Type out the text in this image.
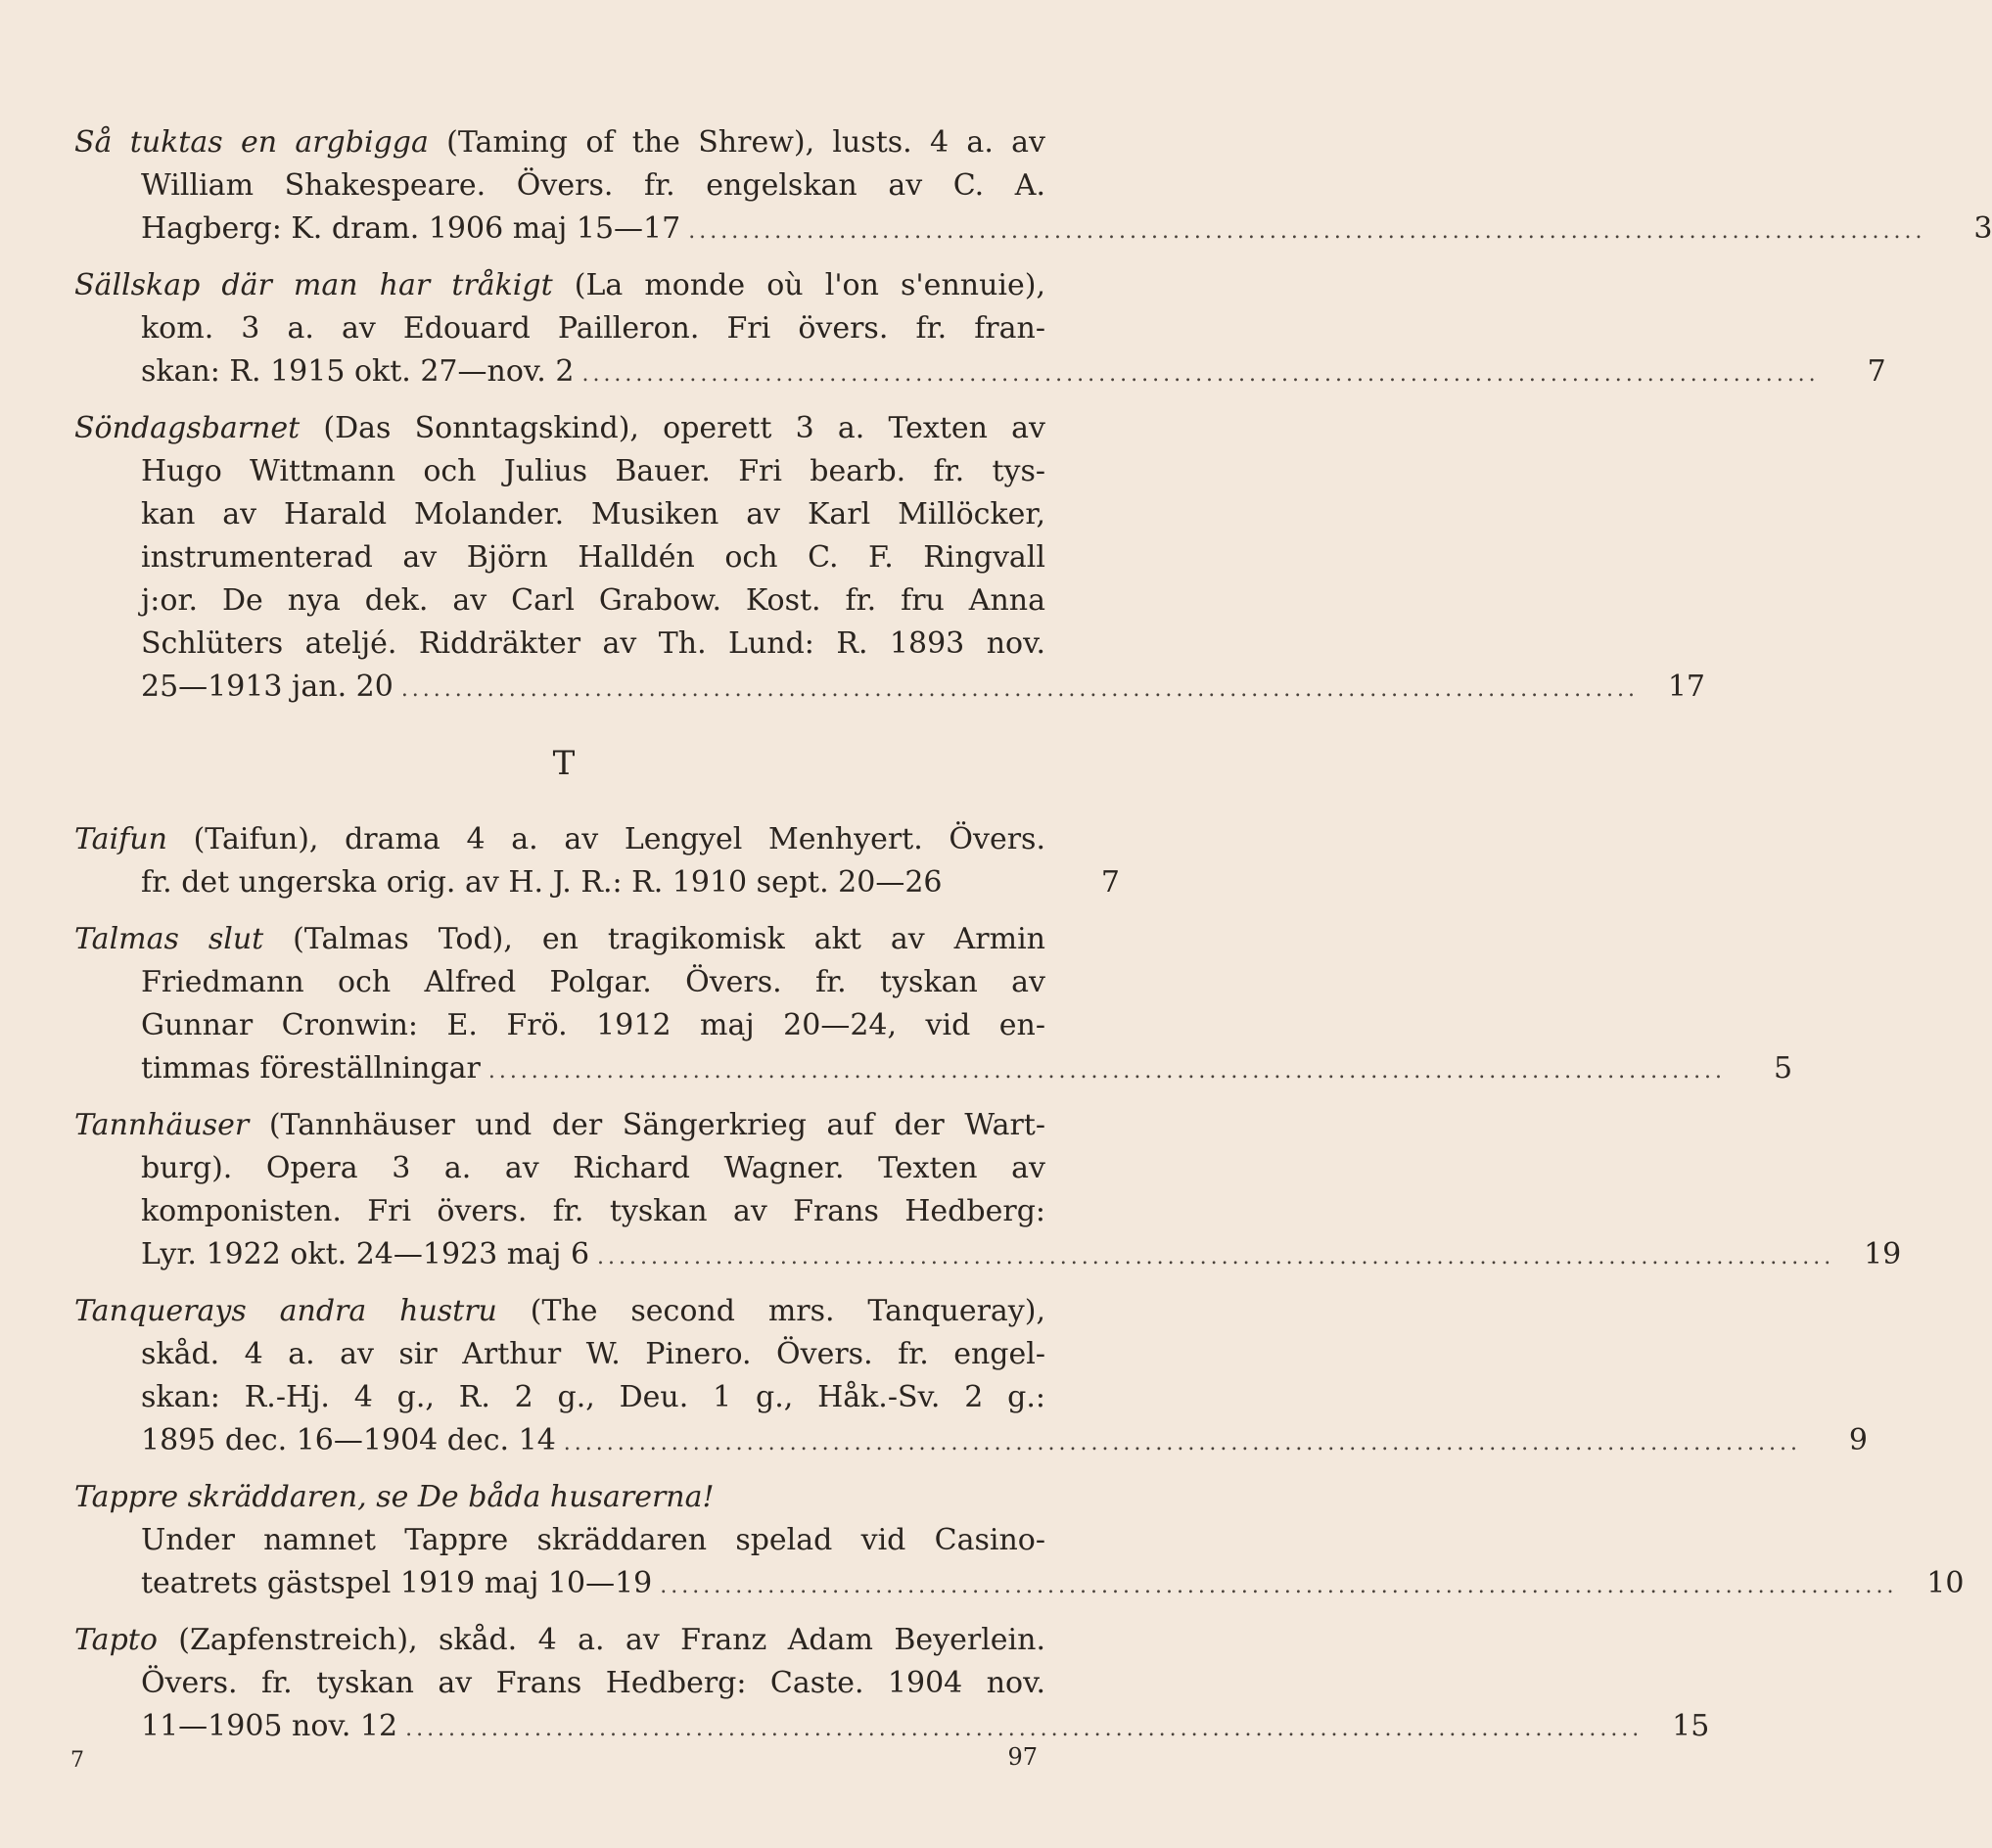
Så tuktas en argbigga (Taming of the Shrew), lusts. 4 a. av
William Shakespeare. Övers. fr. engelskan av C. A.
Hagberg: K. dram. 1906 maj 15—17 ...................................................................................................................	3
Sällskap där man har tråkigt (La monde où l'on s'ennuie),
kom. 3 a. av Edouard Pailleron. Fri övers. fr. fran-
skan: R. 1915 okt. 27—nov. 2 ...................................................................................................................	7
Söndagsbarnet (Das Sonntagskind), operett 3 a. Texten av
Hugo Wittmann och Julius Bauer. Fri bearb. fr. tys-
kan av Harald Molander. Musiken av Karl Millöcker,
instrumenterad av Björn Halldén och C. F. Ringvall
j:or. De nya dek. av Carl Grabow. Kost. fr. fru Anna
Schlüters ateljé. Riddräkter av Th. Lund: R. 1893 nov.
25—1913 jan. 20 ................................................................................................................... 17
T
Taifun (Taifun), drama 4 a. av Lengyel Menhyert. Övers.
fr. det ungerska orig. av H. J. R.: R. 1910 sept. 20—26	7
Talmas slut (Talmas Tod), en tragikomisk akt av Armin
Friedmann och Alfred Polgar. Övers. fr. tyskan av
Gunnar Cronwin: E. Frö. 1912 maj 20—24, vid en-
timmas föreställningar ...................................................................................................................	5
Tannhäuser (Tannhäuser und der Sängerkrieg auf der Wart-
burg). Opera 3 a. av Richard Wagner. Texten av
komponisten. Fri övers. fr. tyskan av Frans Hedberg:
Lyr. 1922 okt. 24—1923 maj 6 ................................................................................................................... 19
Tanquerays andra hustru (The second mrs. Tanqueray),
skåd. 4 a. av sir Arthur W. Pinero. Övers. fr. engel-
skan: R.-Hj. 4 g., R. 2 g., Deu. 1 g., Håk.-Sv. 2 g.:
1895 dec. 16—1904 dec. 14 ...................................................................................................................	9
Tappre skräddaren, se De båda husarerna!
Under namnet Tappre skräddaren spelad vid Casino-
teatrets gästspel 1919 maj 10—19 ................................................................................................................... 10
Tapto (Zapfenstreich), skåd. 4 a. av Franz Adam Beyerlein.
Övers. fr. tyskan av Frans Hedberg: Caste. 1904 nov.
11—1905 nov. 12 ................................................................................................................... 15
7	97
